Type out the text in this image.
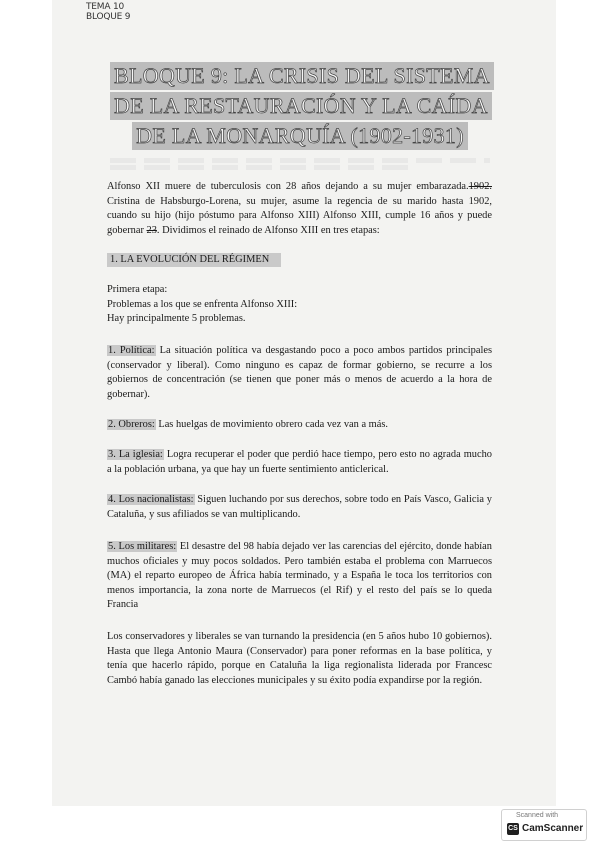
TEMA 10
BLOQUE 9
BLOQUE 9: LA CRISIS DEL SISTEMA
DE LA RESTAURACIÓN Y LA CAÍDA
DE LA MONARQUÍA (1902-1931)
Alfonso XII muere de tuberculosis con 28 años dejando a su mujer embarazada.1902. Cristina de Habsburgo-Lorena, su mujer, asume la regencia de su marido hasta 1902, cuando su hijo (hijo póstumo para Alfonso XIII) Alfonso XIII, cumple 16 años y puede gobernar 23. Dividimos el reinado de Alfonso XIII en tres etapas:
1. LA EVOLUCIÓN DEL RÉGIMEN
Primera etapa:
Problemas a los que se enfrenta Alfonso XIII:
Hay principalmente 5 problemas.
1. Política: La situación política va desgastando poco a poco ambos partidos principales (conservador y liberal). Como ninguno es capaz de formar gobierno, se recurre a los gobiernos de concentración (se tienen que poner más o menos de acuerdo a la hora de gobernar).
2. Obreros: Las huelgas de movimiento obrero cada vez van a más.
3. La iglesia: Logra recuperar el poder que perdió hace tiempo, pero esto no agrada mucho a la población urbana, ya que hay un fuerte sentimiento anticlerical.
4. Los nacionalistas: Siguen luchando por sus derechos, sobre todo en País Vasco, Galicia y Cataluña, y sus afiliados se van multiplicando.
5. Los militares: El desastre del 98 había dejado ver las carencias del ejército, donde habían muchos oficiales y muy pocos soldados. Pero también estaba el problema con Marruecos (MA) el reparto europeo de África había terminado, y a España le toca los territorios con menos importancia, la zona norte de Marruecos (el Rif) y el resto del país se lo queda Francia
Los conservadores y liberales se van turnando la presidencia (en 5 años hubo 10 gobiernos). Hasta que llega Antonio Maura (Conservador) para poner reformas en la base política, y tenía que hacerlo rápido, porque en Cataluña la liga regionalista liderada por Francesc Cambó había ganado las elecciones municipales y su éxito podía expandirse por la región.
Scanned with
CS CamScanner
